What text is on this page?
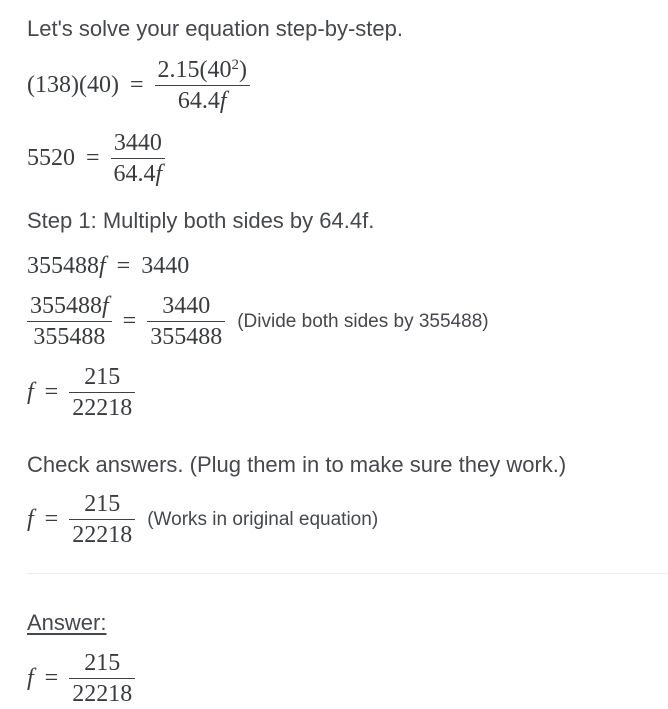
Let's solve your equation step-by-step.
$(138)(40) = \frac{2.15(40^2)}{64.4f}$
$5520 = \frac{3440}{64.4f}$
Step 1: Multiply both sides by 64.4f.
355488f = 3440
$\frac{355488f}{355488} = \frac{3440}{355488}$ (Divide both sides by 355488)
$f = \frac{215}{22218}$
Check answers. (Plug them in to make sure they work.)
$f = \frac{215}{22218}$ (Works in original equation)
Answer:
$f = \frac{215}{22218}$
